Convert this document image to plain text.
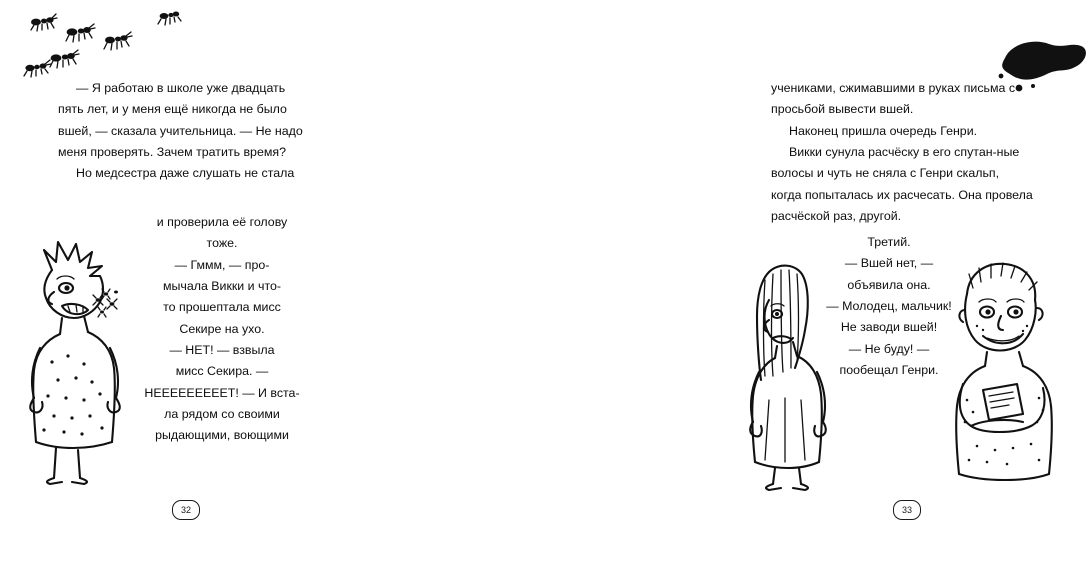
— Я работаю в школе уже двадцать пять лет, и у меня ещё никогда не было вшей, — сказала учительница. — Не надо меня проверять. Зачем тратить время?

Но медсестра даже слушать не стала

и проверила её голову

тоже.

— Гммм, — про-

мычала Викки и что-

то прошептала мисс

Секире на ухо.

— НЕТ! — взвыла

мисс Секира. —

НЕЕЕЕЕЕЕЕЕТ! — И вста-

ла рядом со своими

рыдающими, воющими

32

учениками, сжимавшими в руках письма с просьбой вывести вшей.

Наконец пришла очередь Генри.

Викки сунула расчёску в его спутан-ные волосы и чуть не сняла с Генри скальп, когда попыталась их расчесать. Она провела расчёской раз, другой.

Третий.

— Вшей нет, —

объявила она.

— Молодец, мальчик!

Не заводи вшей!

— Не буду! —

пообещал Генри.

33
